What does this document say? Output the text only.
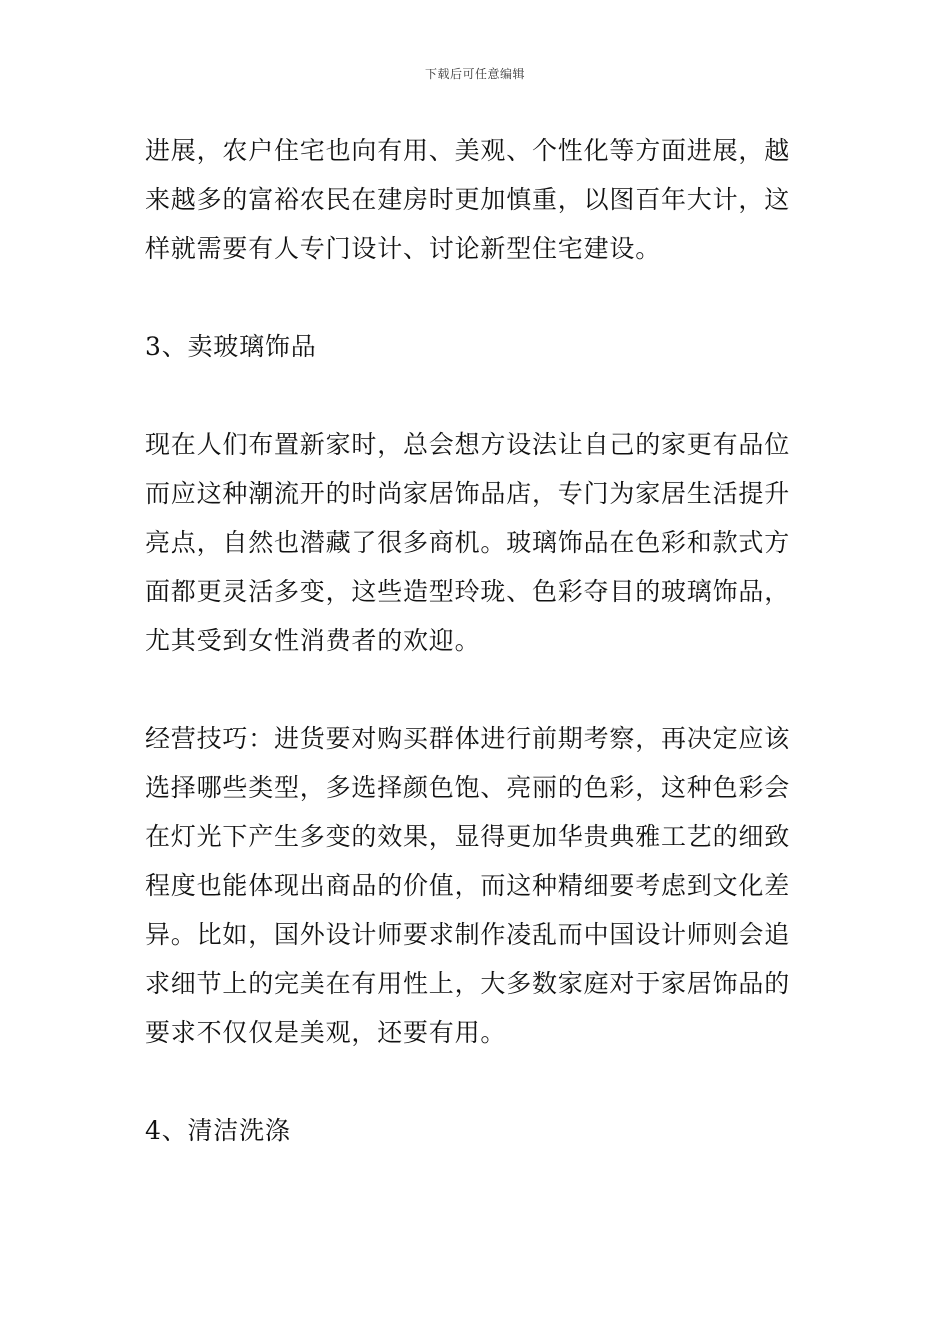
下载后可任意编辑

进展，农户住宅也向有用、美观、个性化等方面进展，越
来越多的富裕农民在建房时更加慎重，以图百年大计，这
样就需要有人专门设计、讨论新型住宅建设。

3、卖玻璃饰品

现在人们布置新家时，总会想方设法让自己的家更有品位
而应这种潮流开的时尚家居饰品店，专门为家居生活提升
亮点，自然也潜藏了很多商机。玻璃饰品在色彩和款式方
面都更灵活多变，这些造型玲珑、色彩夺目的玻璃饰品，
尤其受到女性消费者的欢迎。

经营技巧：进货要对购买群体进行前期考察，再决定应该
选择哪些类型，多选择颜色饱、亮丽的色彩，这种色彩会
在灯光下产生多变的效果，显得更加华贵典雅工艺的细致
程度也能体现出商品的价值，而这种精细要考虑到文化差
异。比如，国外设计师要求制作凌乱而中国设计师则会追
求细节上的完美在有用性上，大多数家庭对于家居饰品的
要求不仅仅是美观，还要有用。

4、清洁洗涤
